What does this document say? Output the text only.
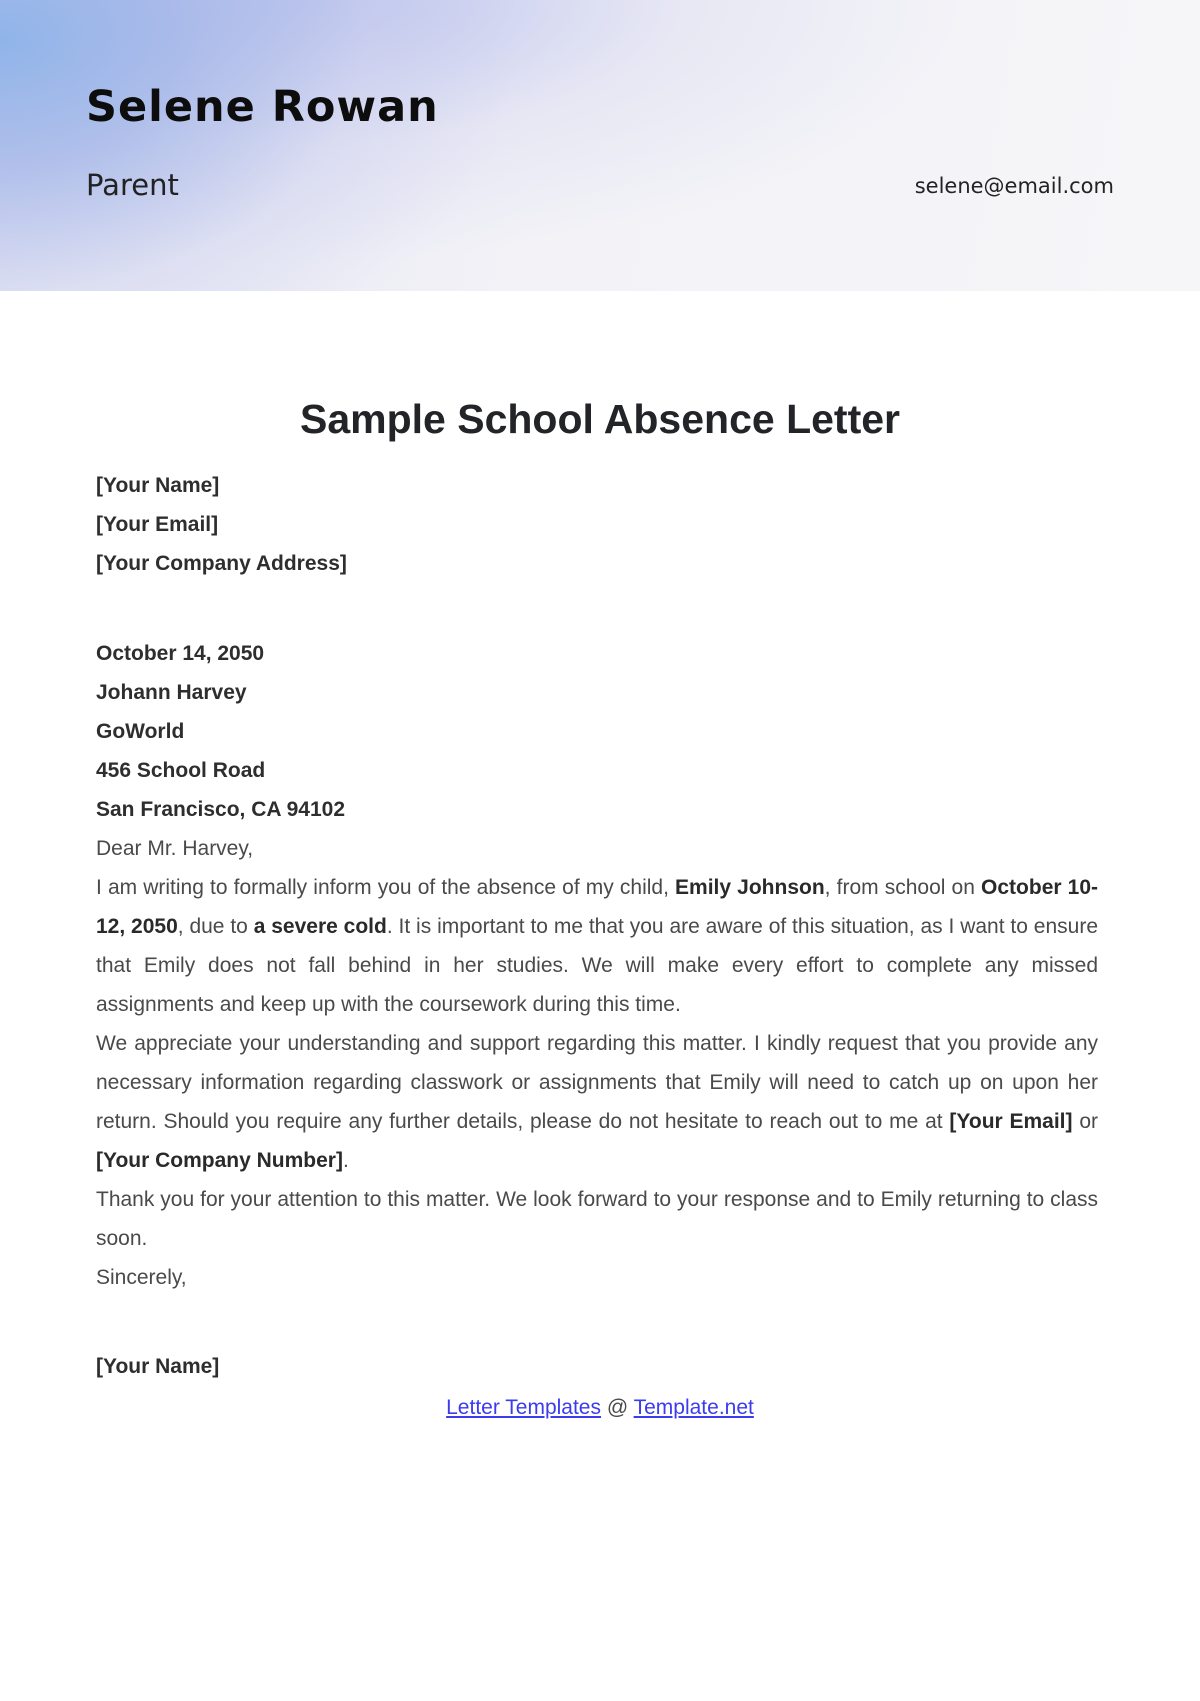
Selene Rowan
Parent	selene@email.com
Sample School Absence Letter
[Your Name]
[Your Email]
[Your Company Address]
October 14, 2050
Johann Harvey
GoWorld
456 School Road
San Francisco, CA 94102
Dear Mr. Harvey,

I am writing to formally inform you of the absence of my child, Emily Johnson, from school on October 10-12, 2050, due to a severe cold. It is important to me that you are aware of this situation, as I want to ensure that Emily does not fall behind in her studies. We will make every effort to complete any missed assignments and keep up with the coursework during this time.

We appreciate your understanding and support regarding this matter. I kindly request that you provide any necessary information regarding classwork or assignments that Emily will need to catch up on upon her return. Should you require any further details, please do not hesitate to reach out to me at [Your Email] or [Your Company Number].

Thank you for your attention to this matter. We look forward to your response and to Emily returning to class soon.

Sincerely,
[Your Name]
Letter Templates @ Template.net
